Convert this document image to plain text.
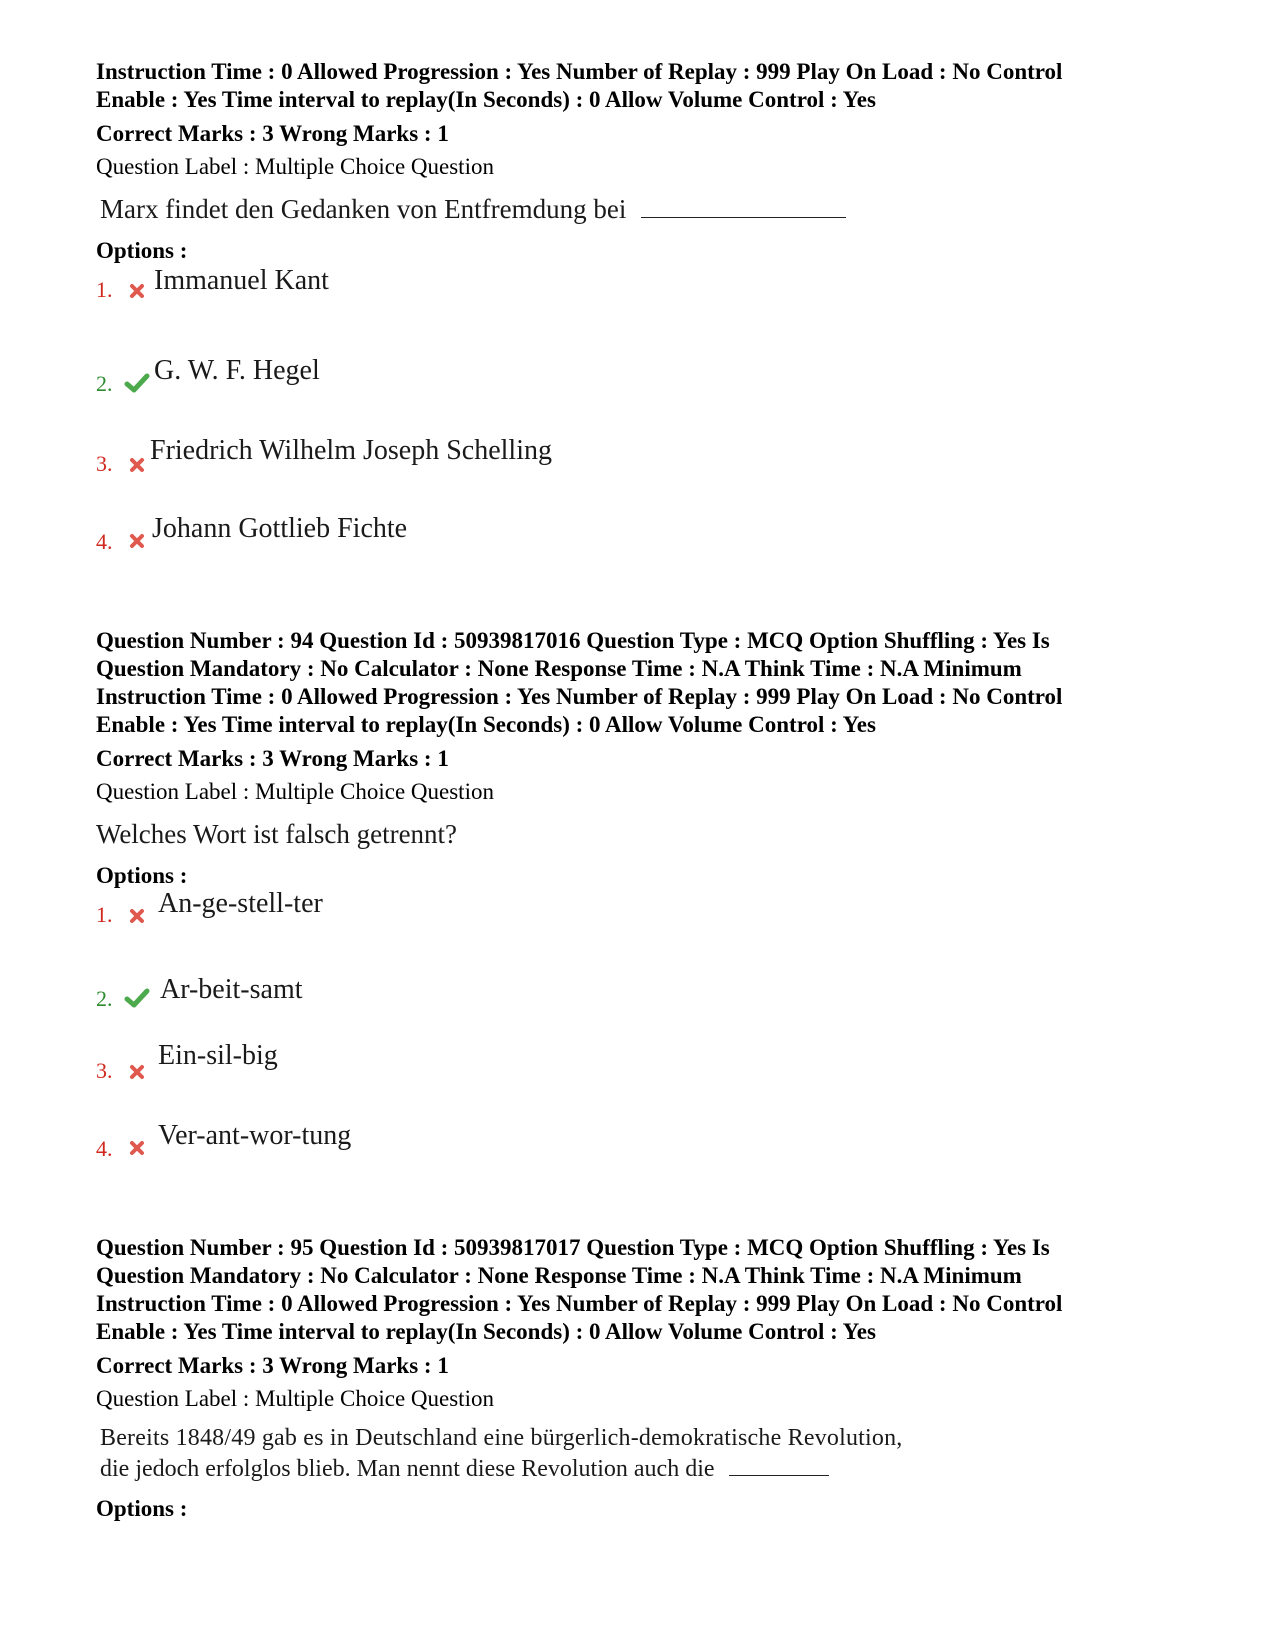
Instruction Time : 0 Allowed Progression : Yes Number of Replay : 999 Play On Load : No Control

Enable : Yes Time interval to replay(In Seconds) : 0 Allow Volume Control : Yes

Correct Marks : 3 Wrong Marks : 1
Question Label : Multiple Choice Question
Marx findet den Gedanken von Entfremdung bei
Options :
1. Immanuel Kant
2. G. W. F. Hegel
3. Friedrich Wilhelm Joseph Schelling
4. Johann Gottlieb Fichte

Question Number : 94 Question Id : 50939817016 Question Type : MCQ Option Shuffling : Yes Is

Question Mandatory : No Calculator : None Response Time : N.A Think Time : N.A Minimum

Instruction Time : 0 Allowed Progression : Yes Number of Replay : 999 Play On Load : No Control

Enable : Yes Time interval to replay(In Seconds) : 0 Allow Volume Control : Yes

Correct Marks : 3 Wrong Marks : 1
Question Label : Multiple Choice Question
Welches Wort ist falsch getrennt?
Options :
1. An-ge-stell-ter
2. Ar-beit-samt
3. Ein-sil-big
4. Ver-ant-wor-tung

Question Number : 95 Question Id : 50939817017 Question Type : MCQ Option Shuffling : Yes Is

Question Mandatory : No Calculator : None Response Time : N.A Think Time : N.A Minimum

Instruction Time : 0 Allowed Progression : Yes Number of Replay : 999 Play On Load : No Control

Enable : Yes Time interval to replay(In Seconds) : 0 Allow Volume Control : Yes

Correct Marks : 3 Wrong Marks : 1
Question Label : Multiple Choice Question
Bereits 1848/49 gab es in Deutschland eine bürgerlich-demokratische Revolution,
die jedoch erfolglos blieb. Man nennt diese Revolution auch die
Options :
